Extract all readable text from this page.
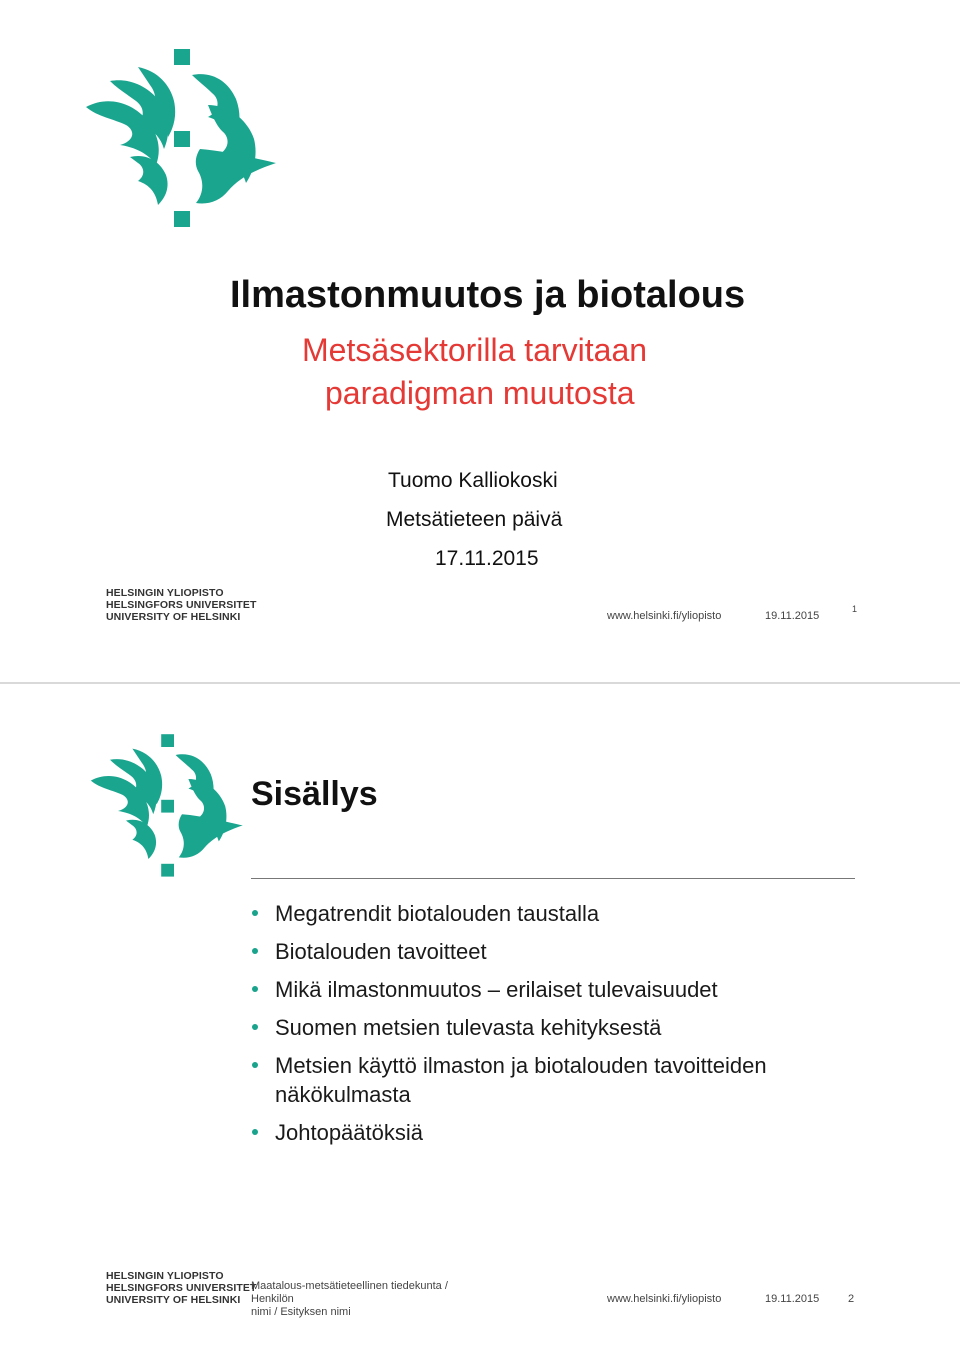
Ilmastonmuutos ja biotalous
Metsäsektorilla tarvitaan
paradigman muutosta
Tuomo Kalliokoski
Metsätieteen päivä
17.11.2015
HELSINGIN YLIOPISTO
HELSINGFORS UNIVERSITET
UNIVERSITY OF HELSINKI	www.helsinki.fi/yliopisto	19.11.2015
1
Sisällys
Megatrendit biotalouden taustalla
Biotalouden tavoitteet
Mikä ilmastonmuutos – erilaiset tulevaisuudet
Suomen metsien tulevasta kehityksestä
Metsien käyttö ilmaston ja biotalouden tavoitteiden näkökulmasta
Johtopäätöksiä
HELSINGIN YLIOPISTO
HELSINGFORS UNIVERSITET
UNIVERSITY OF HELSINKI
Maatalous-metsätieteellinen tiedekunta / Henkilön
nimi / Esityksen nimi
www.helsinki.fi/yliopisto	19.11.2015	2
